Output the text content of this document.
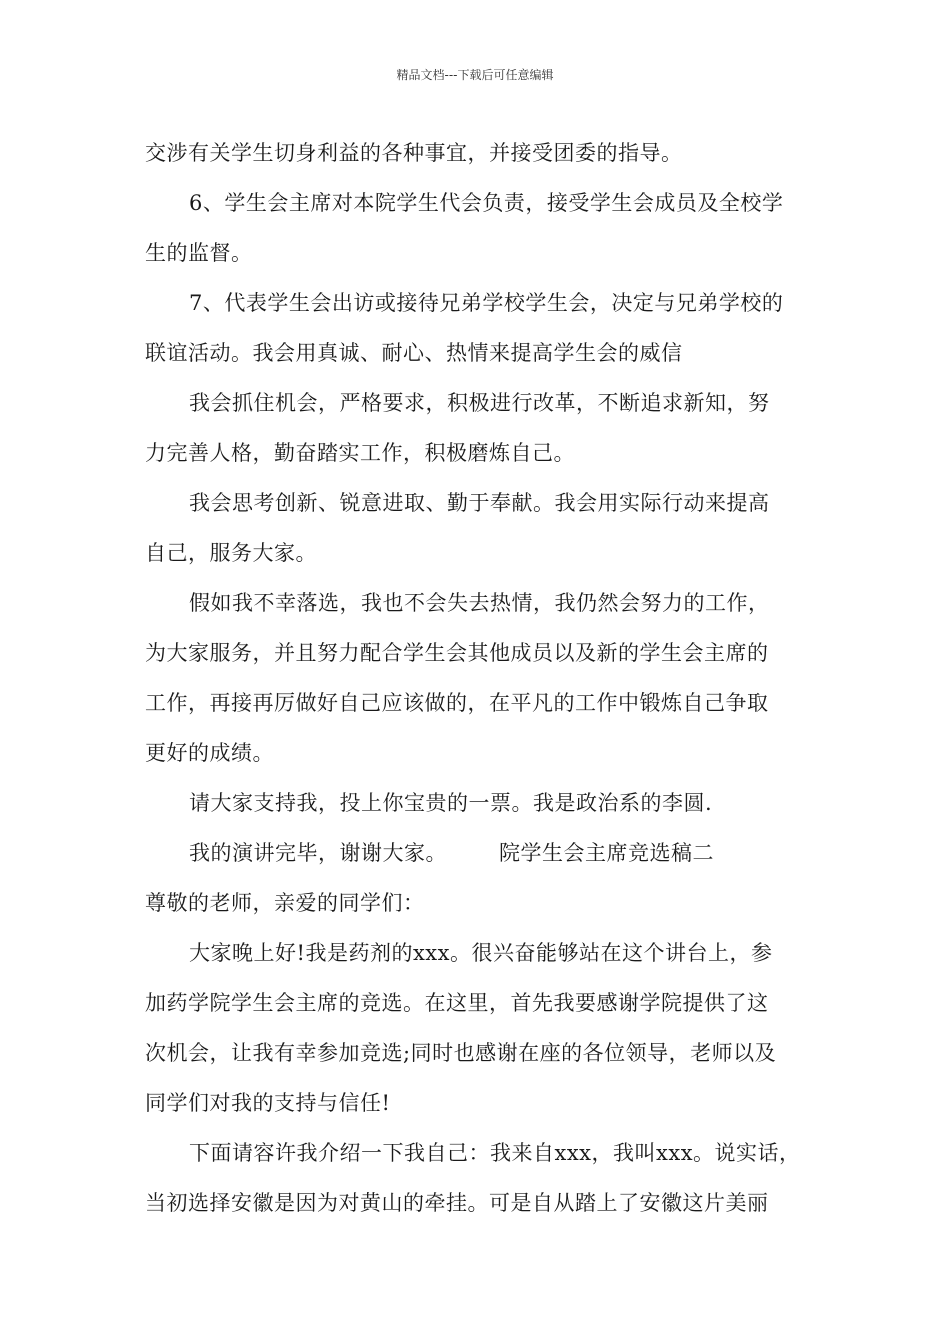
精品文档---下载后可任意编辑
交涉有关学生切身利益的各种事宜，并接受团委的指导。
6、学生会主席对本院学生代会负责，接受学生会成员及全校学
生的监督。
7、代表学生会出访或接待兄弟学校学生会，决定与兄弟学校的
联谊活动。我会用真诚、耐心、热情来提高学生会的威信
我会抓住机会，严格要求，积极进行改革，不断追求新知，努
力完善人格，勤奋踏实工作，积极磨炼自己。
我会思考创新、锐意进取、勤于奉献。我会用实际行动来提高
自己，服务大家。
假如我不幸落选，我也不会失去热情，我仍然会努力的工作，
为大家服务，并且努力配合学生会其他成员以及新的学生会主席的
工作，再接再厉做好自己应该做的，在平凡的工作中锻炼自己争取
更好的成绩。
请大家支持我，投上你宝贵的一票。我是政治系的李圆.
我的演讲完毕，谢谢大家。 院学生会主席竞选稿二
尊敬的老师，亲爱的同学们：
大家晚上好!我是药剂的xxx。很兴奋能够站在这个讲台上，参
加药学院学生会主席的竞选。在这里，首先我要感谢学院提供了这
次机会，让我有幸参加竞选;同时也感谢在座的各位领导，老师以及
同学们对我的支持与信任!
下面请容许我介绍一下我自己：我来自xxx，我叫xxx。说实话，
当初选择安徽是因为对黄山的牵挂。可是自从踏上了安徽这片美丽
